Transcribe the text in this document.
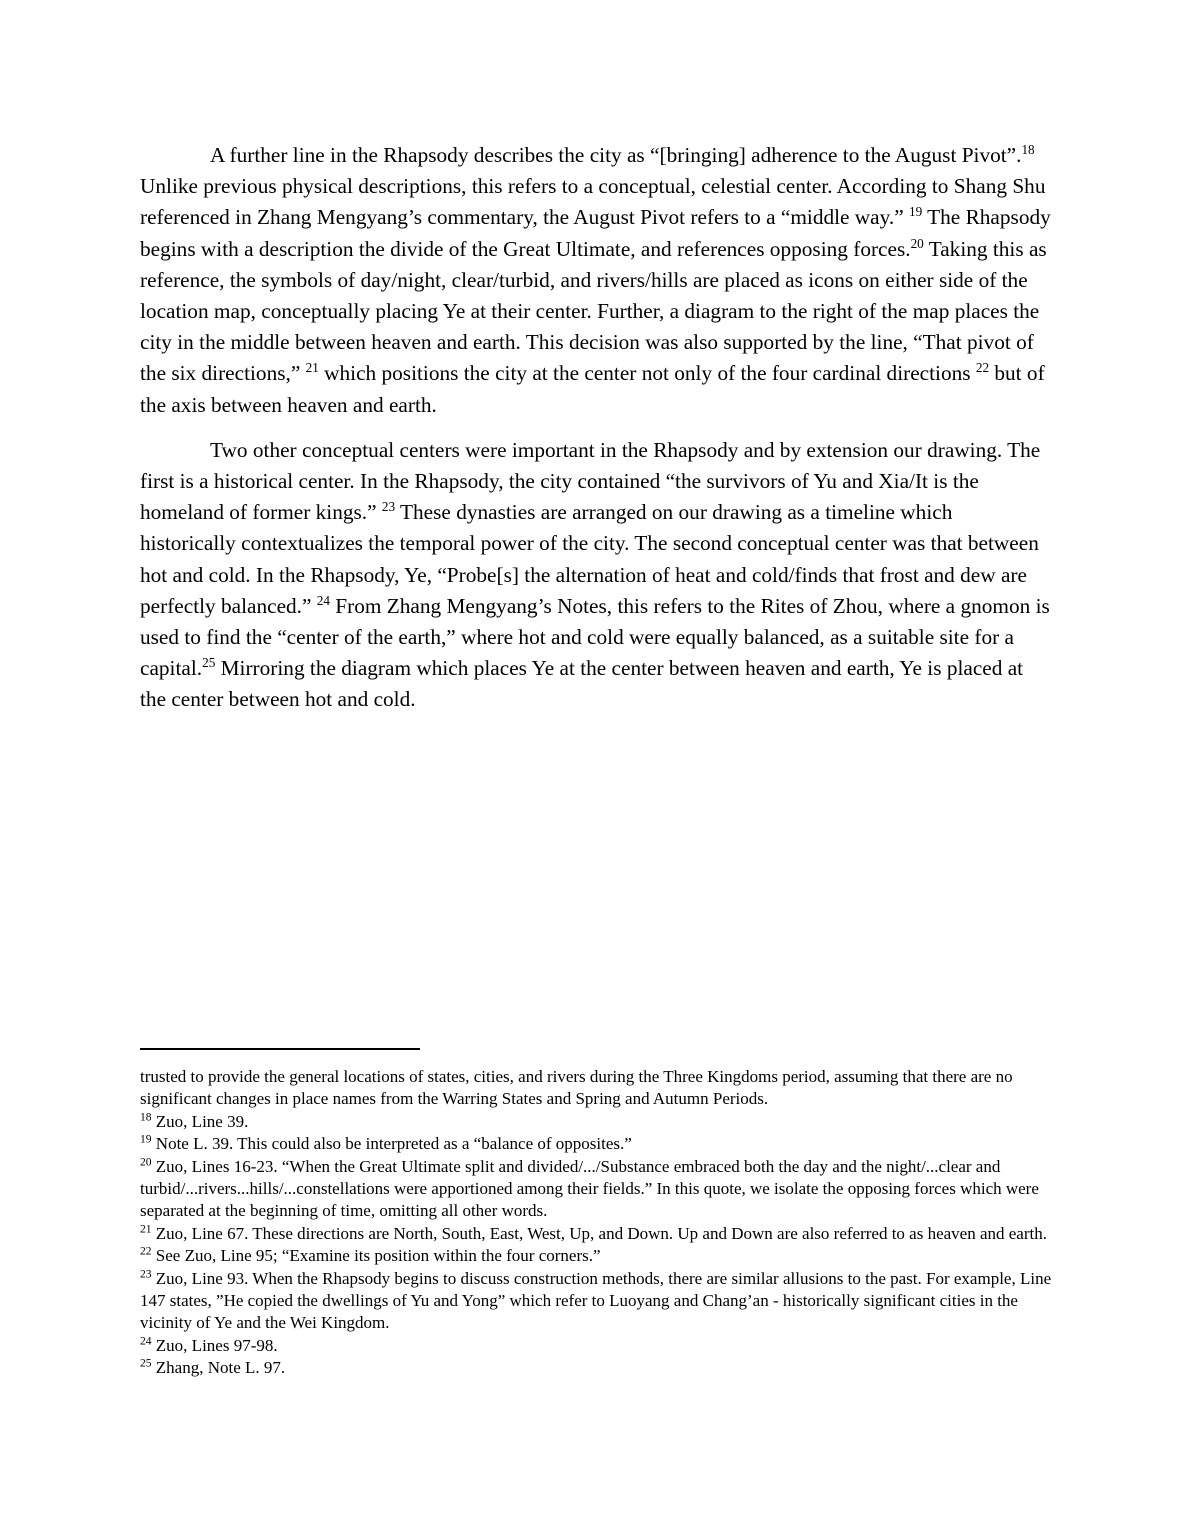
A further line in the Rhapsody describes the city as “[bringing] adherence to the August Pivot”.$^{18}$ Unlike previous physical descriptions, this refers to a conceptual, celestial center. According to Shang Shu referenced in Zhang Mengyang’s commentary, the August Pivot refers to a “middle way.” $^{19}$ The Rhapsody begins with a description the divide of the Great Ultimate, and references opposing forces.$^{20}$ Taking this as reference, the symbols of day/night, clear/turbid, and rivers/hills are placed as icons on either side of the location map, conceptually placing Ye at their center. Further, a diagram to the right of the map places the city in the middle between heaven and earth. This decision was also supported by the line, “That pivot of the six directions,” $^{21}$ which positions the city at the center not only of the four cardinal directions $^{22}$ but of the axis between heaven and earth.

Two other conceptual centers were important in the Rhapsody and by extension our drawing. The first is a historical center. In the Rhapsody, the city contained “the survivors of Yu and Xia/It is the homeland of former kings.” $^{23}$ These dynasties are arranged on our drawing as a timeline which historically contextualizes the temporal power of the city. The second conceptual center was that between hot and cold. In the Rhapsody, Ye, “Probe[s] the alternation of heat and cold/finds that frost and dew are perfectly balanced.” $^{24}$ From Zhang Mengyang’s Notes, this refers to the Rites of Zhou, where a gnomon is used to find the “center of the earth,” where hot and cold were equally balanced, as a suitable site for a capital.$^{25}$ Mirroring the diagram which places Ye at the center between heaven and earth, Ye is placed at the center between hot and cold.

trusted to provide the general locations of states, cities, and rivers during the Three Kingdoms period, assuming that there are no significant changes in place names from the Warring States and Spring and Autumn Periods.

$^{18}$ Zuo, Line 39.

$^{19}$ Note L. 39. This could also be interpreted as a “balance of opposites.”

$^{20}$ Zuo, Lines 16-23. “When the Great Ultimate split and divided/.../Substance embraced both the day and the night/...clear and turbid/...rivers...hills/...constellations were apportioned among their fields.” In this quote, we isolate the opposing forces which were separated at the beginning of time, omitting all other words.

$^{21}$ Zuo, Line 67. These directions are North, South, East, West, Up, and Down. Up and Down are also referred to as heaven and earth.

$^{22}$ See Zuo, Line 95; “Examine its position within the four corners.”

$^{23}$ Zuo, Line 93. When the Rhapsody begins to discuss construction methods, there are similar allusions to the past. For example, Line 147 states, ”He copied the dwellings of Yu and Yong” which refer to Luoyang and Chang’an - historically significant cities in the vicinity of Ye and the Wei Kingdom.

$^{24}$ Zuo, Lines 97-98.

$^{25}$ Zhang, Note L. 97.
